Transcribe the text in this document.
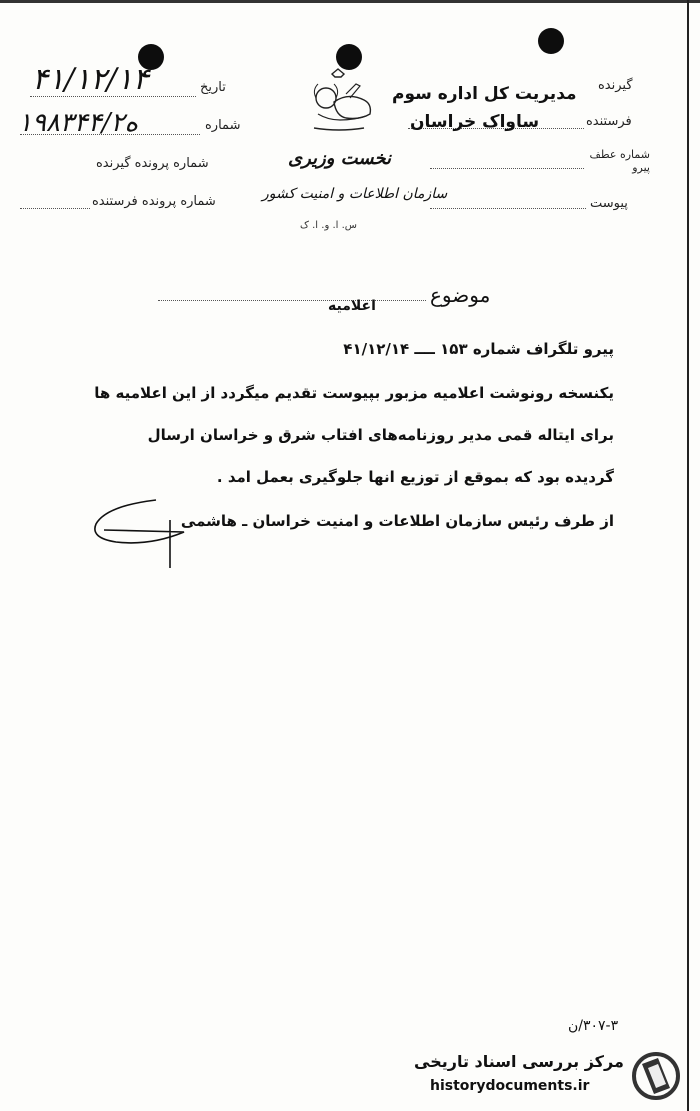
تاریخ
۴۱/۱۲/۱۴
شماره
۱۹۸۳۴۴/ه۲
شماره پرونده گیرنده
شماره پرونده فرستنده
نخست وزیری
سازمان اطلاعات و امنیت کشور
س. ا. و. ا. ک
گیرنده
مدیریت کل اداره سوم
فرستنده
ساواک خراسان
شماره عطف پیرو
پیوست
موضوع
اعلامیه
پیرو تلگراف شماره ۱۵۳ ــــ ۴۱/۱۲/۱۴
یکنسخه رونوشت اعلامیه مزبور بپیوست تقدیم میگردد از این اعلامیه ها
برای ایتاله قمی مدیر روزنامه‌های افتاب شرق و خراسان ارسال
گردیده بود که بموقع از توزیع انها جلوگیری بعمل امد .
از طرف رئیس سازمان اطلاعات و امنیت خراسان ـ هاشمی
۳۰۷-۳/ن
مرکز بررسی اسناد تاریخی
historydocuments.ir
